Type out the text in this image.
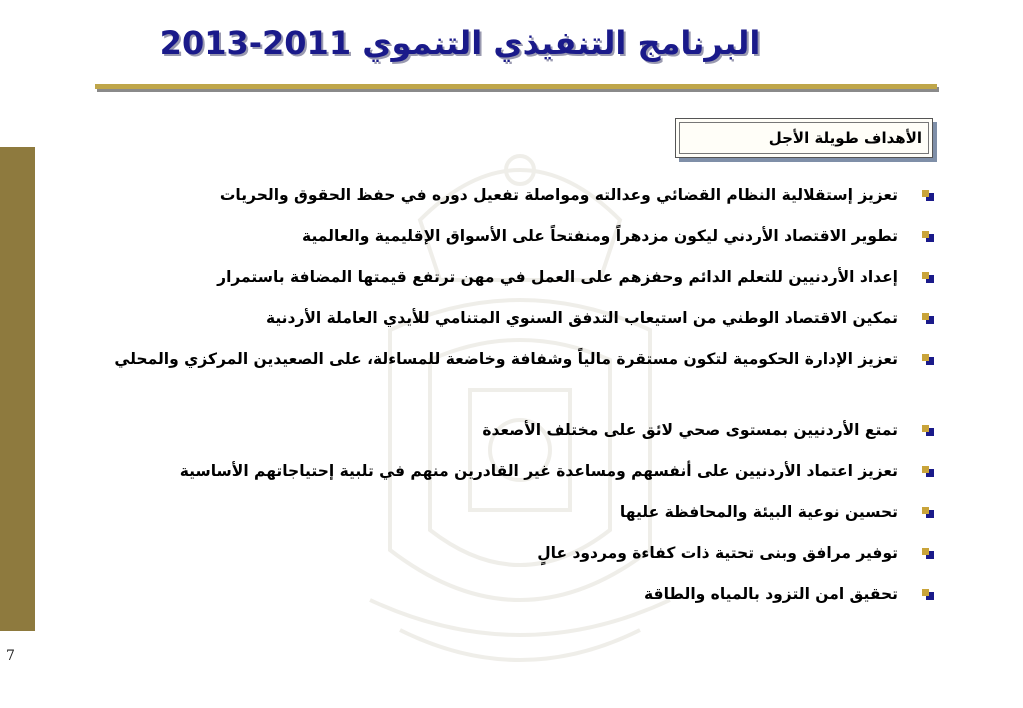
البرنامج التنفيذي التنموي 2011-2013
الأهداف طويلة الأجل
تعزيز إستقلالية النظام القضائي وعدالته ومواصلة تفعيل دوره في حفظ الحقوق والحريات
تطوير الاقتصاد الأردني ليكون مزدهراً ومنفتحاً على الأسواق الإقليمية والعالمية
إعداد الأردنيين للتعلم الدائم وحفزهم على العمل في مهن ترتفع قيمتها المضافة باستمرار
تمكين الاقتصاد الوطني من استيعاب التدفق السنوي المتنامي للأيدي العاملة الأردنية
تعزيز الإدارة الحكومية لتكون مستقرة مالياً وشفافة وخاضعة للمساءلة، على الصعيدين المركزي والمحلي
تمتع الأردنيين بمستوى صحي لائق على مختلف الأصعدة
تعزيز اعتماد الأردنيين على أنفسهم ومساعدة غير القادرين منهم في تلبية إحتياجاتهم الأساسية
تحسين نوعية البيئة والمحافظة عليها
توفير مرافق وبنى تحتية ذات كفاءة ومردود عالٍ
تحقيق امن التزود بالمياه والطاقة
7
